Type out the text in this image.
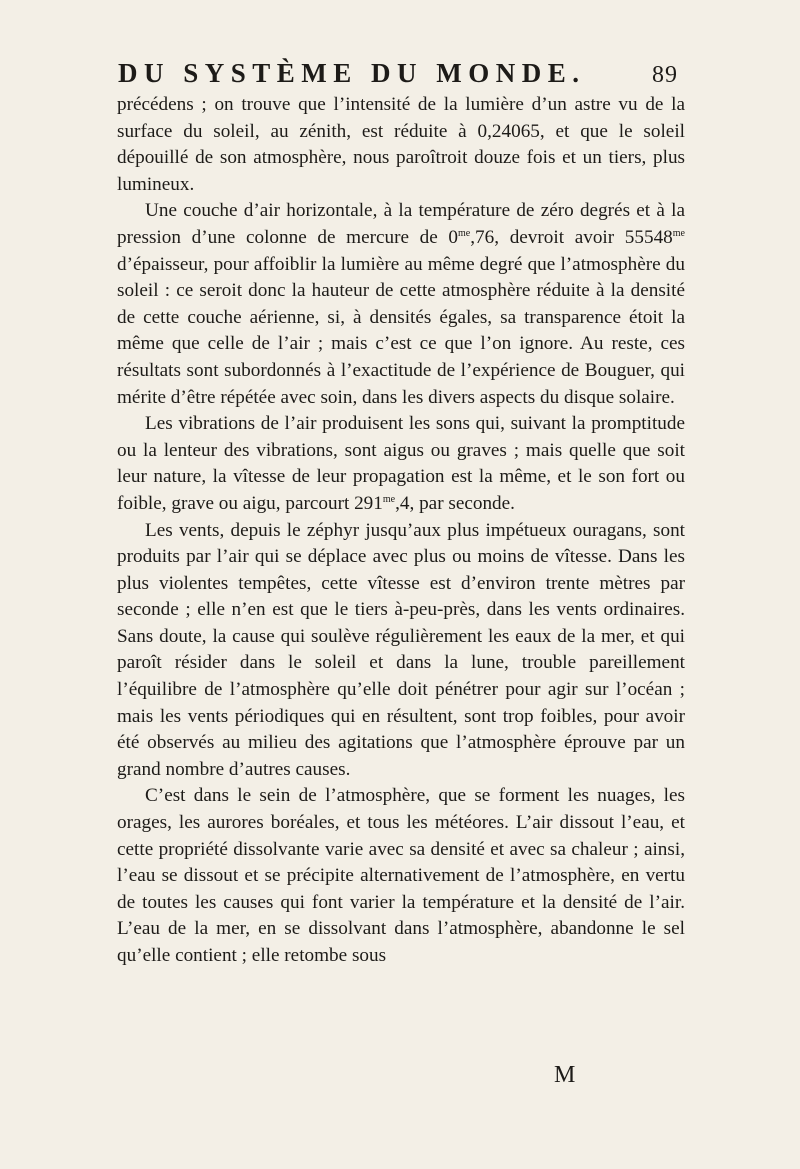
DU SYSTÈME DU MONDE.	89

précédens ; on trouve que l’intensité de la lumière d’un astre vu de la surface du soleil, au zénith, est réduite à 0,24065, et que le soleil dépouillé de son atmosphère, nous paroîtroit douze fois et un tiers, plus lumineux.

Une couche d’air horizontale, à la température de zéro degrés et à la pression d’une colonne de mercure de $0^{me},76$, devroit avoir $55548^{me}$ d’épaisseur, pour affoiblir la lumière au même degré que l’atmosphère du soleil : ce seroit donc la hauteur de cette atmosphère réduite à la densité de cette couche aérienne, si, à densités égales, sa transparence étoit la même que celle de l’air ; mais c’est ce que l’on ignore. Au reste, ces résultats sont subordonnés à l’exactitude de l’expérience de Bouguer, qui mérite d’être répétée avec soin, dans les divers aspects du disque solaire.

Les vibrations de l’air produisent les sons qui, suivant la promptitude ou la lenteur des vibrations, sont aigus ou graves ; mais quelle que soit leur nature, la vîtesse de leur propagation est la même, et le son fort ou foible, grave ou aigu, parcourt $291^{me},4$, par seconde.

Les vents, depuis le zéphyr jusqu’aux plus impétueux ouragans, sont produits par l’air qui se déplace avec plus ou moins de vîtesse. Dans les plus violentes tempêtes, cette vîtesse est d’environ trente mètres par seconde ; elle n’en est que le tiers à-peu-près, dans les vents ordinaires. Sans doute, la cause qui soulève régulièrement les eaux de la mer, et qui paroît résider dans le soleil et dans la lune, trouble pareillement l’équilibre de l’atmosphère qu’elle doit pénétrer pour agir sur l’océan ; mais les vents périodiques qui en résultent, sont trop foibles, pour avoir été observés au milieu des agitations que l’atmosphère éprouve par un grand nombre d’autres causes.

C’est dans le sein de l’atmosphère, que se forment les nuages, les orages, les aurores boréales, et tous les météores. L’air dissout l’eau, et cette propriété dissolvante varie avec sa densité et avec sa chaleur ; ainsi, l’eau se dissout et se précipite alternativement de l’atmosphère, en vertu de toutes les causes qui font varier la température et la densité de l’air. L’eau de la mer, en se dissolvant dans l’atmosphère, abandonne le sel qu’elle contient ; elle retombe sous

M
